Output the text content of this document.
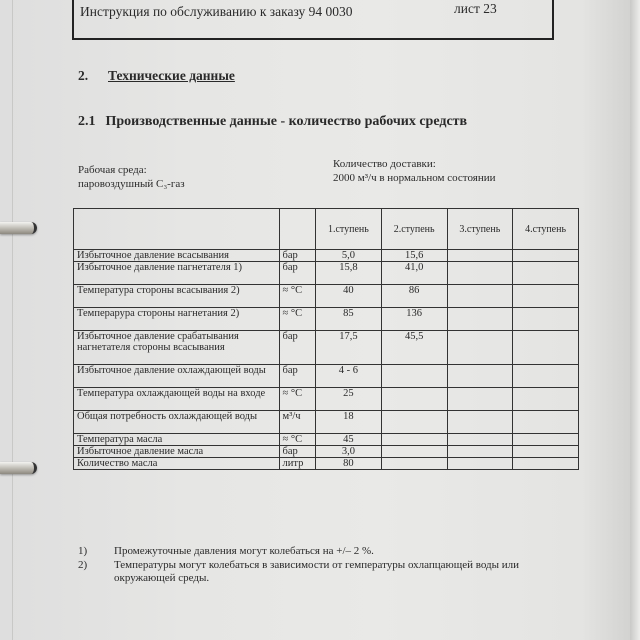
Инструкция по обслуживанию к заказу 94 0030	лист 23
2. Технические данные
2.1 Производственные данные - количество рабочих средств
Рабочая среда:
паровоздушный C₃-газ
Количество доставки:
2000 м³/ч в нормальном состоянии
		1.ступень	2.ступень	3.ступень	4.ступень
Избыточное давление всасывания	бар	5,0	15,6		
Избыточное давление пагнетателя 1)	бар	15,8	41,0		
Температура стороны всасывания 2)	≈ °C	40	86		
Темперарура стороны нагнетания 2)	≈ °C	85	136		
Избыточное давление срабатывания нагнетателя стороны всасывания	бар	17,5	45,5		
Избыточное давление охлаждающей воды	бар	4 - 6			
Температура охлаждающей воды на входе	≈ °C	25			
Общая потребность охлаждающей воды	м³/ч	18			
Температура масла	≈ °C	45			
Избыточное давление масла	бар	3,0			
Количество масла	литр	80			
1)	Промежуточные давления могут колебаться на +/– 2 %.
2)	Температуры могут колебаться в зависимости от гемпературы охлапцающей воды или окружающей среды.
